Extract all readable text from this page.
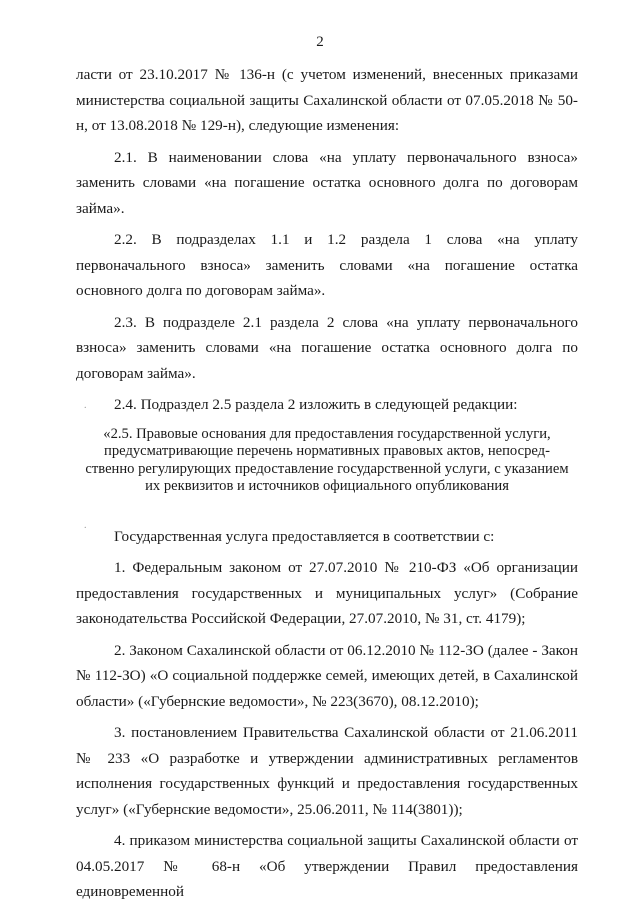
2

ласти от 23.10.2017 № 136-н (с учетом изменений, внесенных приказами министерства социальной защиты Сахалинской области от 07.05.2018 № 50-н, от 13.08.2018 № 129-н), следующие изменения:

2.1. В наименовании слова «на уплату первоначального взноса» заменить словами «на погашение остатка основного долга по договорам займа».

2.2. В подразделах 1.1 и 1.2 раздела 1 слова «на уплату первоначального взноса» заменить словами «на погашение остатка основного долга по договорам займа».

2.3. В подразделе 2.1 раздела 2 слова «на уплату первоначального взноса» заменить словами «на погашение остатка основного долга по договорам займа».

2.4. Подраздел 2.5 раздела 2 изложить в следующей редакции:

«2.5. Правовые основания для предоставления государственной услуги,
предусматривающие перечень нормативных правовых актов, непосред-
ственно регулирующих предоставление государственной услуги, с указанием
их реквизитов и источников официального опубликования

Государственная услуга предоставляется в соответствии с:

1. Федеральным законом от 27.07.2010 № 210-ФЗ «Об организации предоставления государственных и муниципальных услуг» (Собрание законодательства Российской Федерации, 27.07.2010, № 31, ст. 4179);

2. Законом Сахалинской области от 06.12.2010 № 112-ЗО (далее - Закон № 112-ЗО) «О социальной поддержке семей, имеющих детей, в Сахалинской области» («Губернские ведомости», № 223(3670), 08.12.2010);

3. постановлением Правительства Сахалинской области от 21.06.2011 № 233 «О разработке и утверждении административных регламентов исполнения государственных функций и предоставления государственных услуг» («Губернские ведомости», 25.06.2011, № 114(3801));

4. приказом министерства социальной защиты Сахалинской области от 04.05.2017 № 68-н «Об утверждении Правил предоставления единовременной

.
.
